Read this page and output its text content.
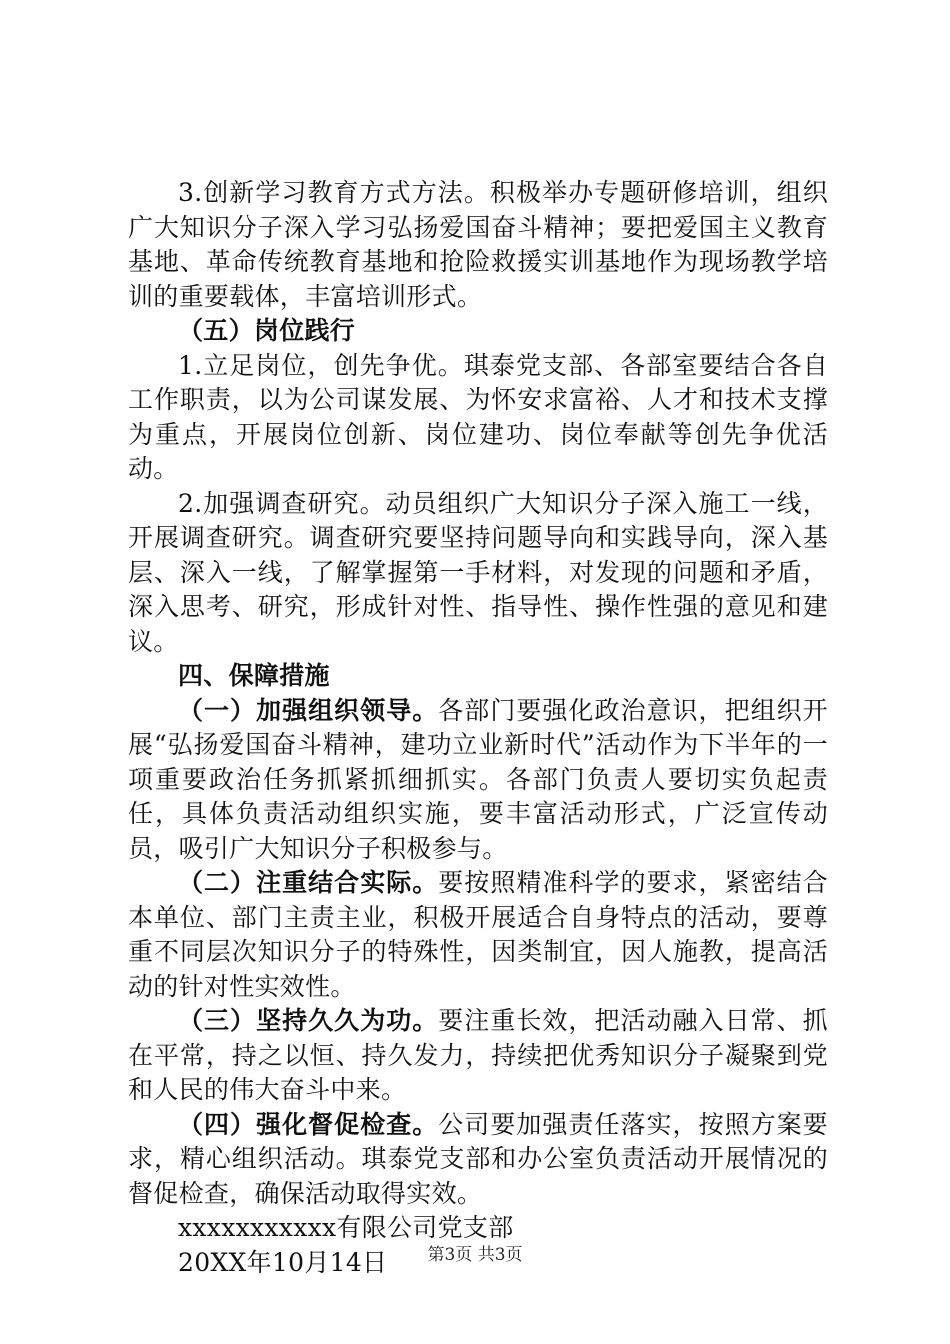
3.创新学习教育方式方法。积极举办专题研修培训，组织广大知识分子深入学习弘扬爱国奋斗精神；要把爱国主义教育基地、革命传统教育基地和抢险救援实训基地作为现场教学培训的重要载体，丰富培训形式。

（五）岗位践行

1.立足岗位，创先争优。琪泰党支部、各部室要结合各自工作职责，以为公司谋发展、为怀安求富裕、人才和技术支撑为重点，开展岗位创新、岗位建功、岗位奉献等创先争优活动。

2.加强调查研究。动员组织广大知识分子深入施工一线，开展调查研究。调查研究要坚持问题导向和实践导向，深入基层、深入一线，了解掌握第一手材料，对发现的问题和矛盾，深入思考、研究，形成针对性、指导性、操作性强的意见和建议。

四、保障措施

（一）加强组织领导。各部门要强化政治意识，把组织开展“弘扬爱国奋斗精神，建功立业新时代”活动作为下半年的一项重要政治任务抓紧抓细抓实。各部门负责人要切实负起责任，具体负责活动组织实施，要丰富活动形式，广泛宣传动员，吸引广大知识分子积极参与。

（二）注重结合实际。要按照精准科学的要求，紧密结合本单位、部门主责主业，积极开展适合自身特点的活动，要尊重不同层次知识分子的特殊性，因类制宜，因人施教，提高活动的针对性实效性。

（三）坚持久久为功。要注重长效，把活动融入日常、抓在平常，持之以恒、持久发力，持续把优秀知识分子凝聚到党和人民的伟大奋斗中来。

（四）强化督促检查。公司要加强责任落实，按照方案要求，精心组织活动。琪泰党支部和办公室负责活动开展情况的督促检查，确保活动取得实效。

xxxxxxxxxxx有限公司党支部

20XX年10月14日	第3页 共3页
